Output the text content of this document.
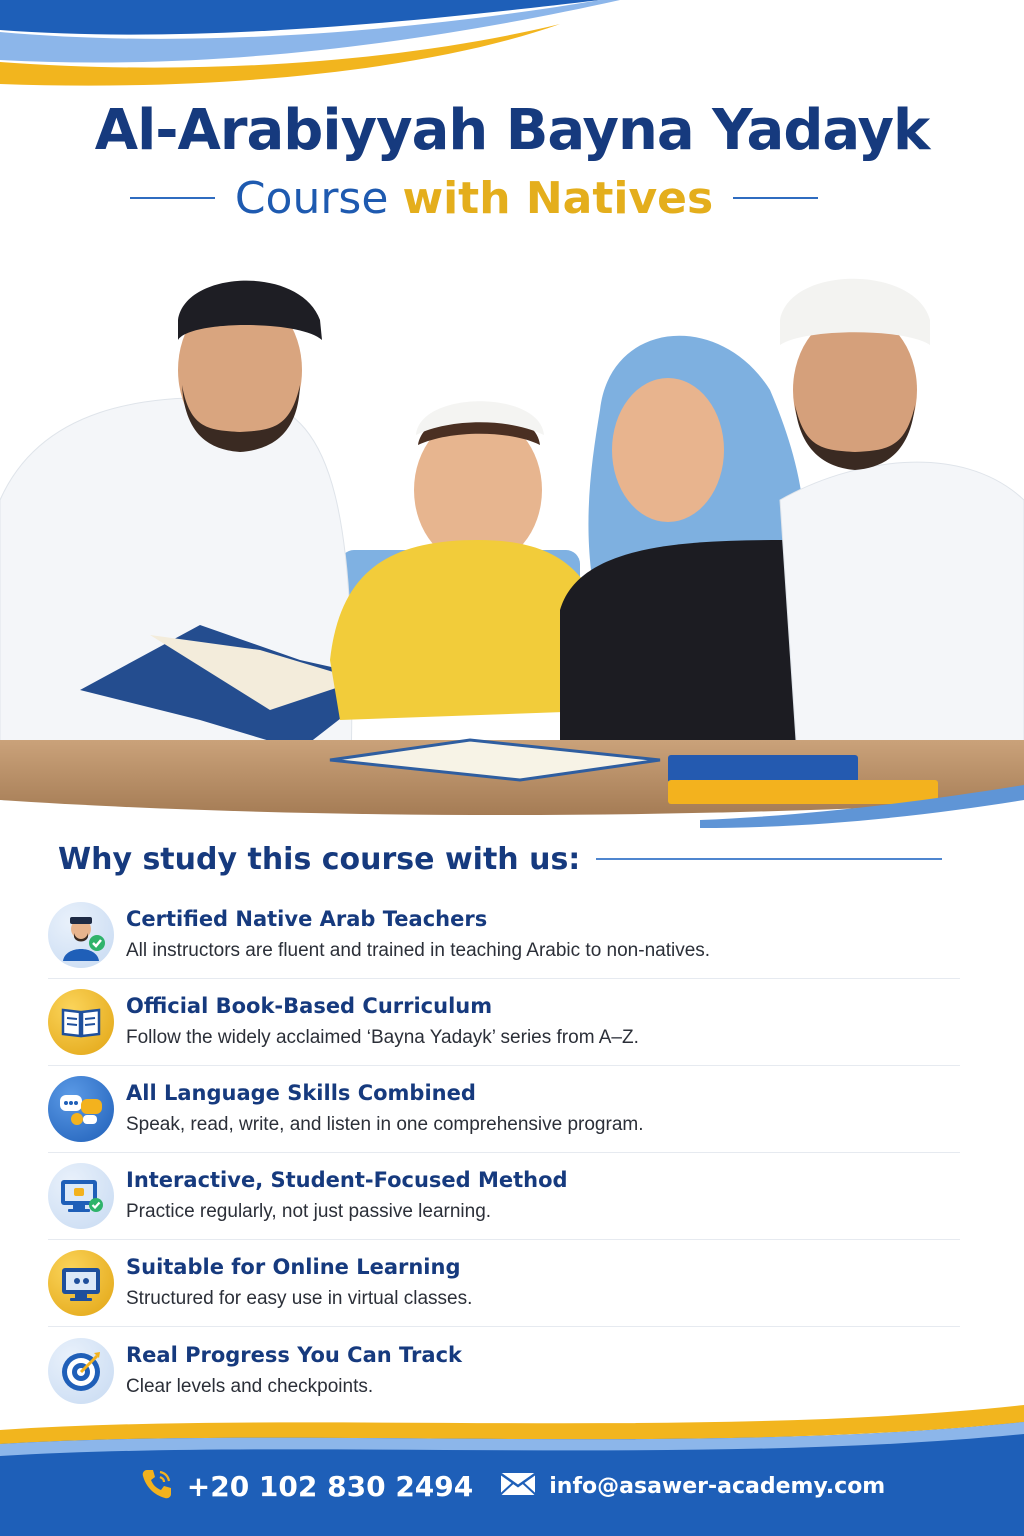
Al-Arabiyyah Bayna Yadayk
Course with Natives
Why study this course with us:
Certified Native Arab Teachers
All instructors are fluent and trained in teaching Arabic to non-natives.
Official Book-Based Curriculum
Follow the widely acclaimed ‘Bayna Yadayk’ series from A–Z.
All Language Skills Combined
Speak, read, write, and listen in one comprehensive program.
Interactive, Student-Focused Method
Practice regularly, not just passive learning.
Suitable for Online Learning
Structured for easy use in virtual classes.
Real Progress You Can Track
Clear levels and checkpoints.
+20 102 830 2494	info@asawer-academy.com
